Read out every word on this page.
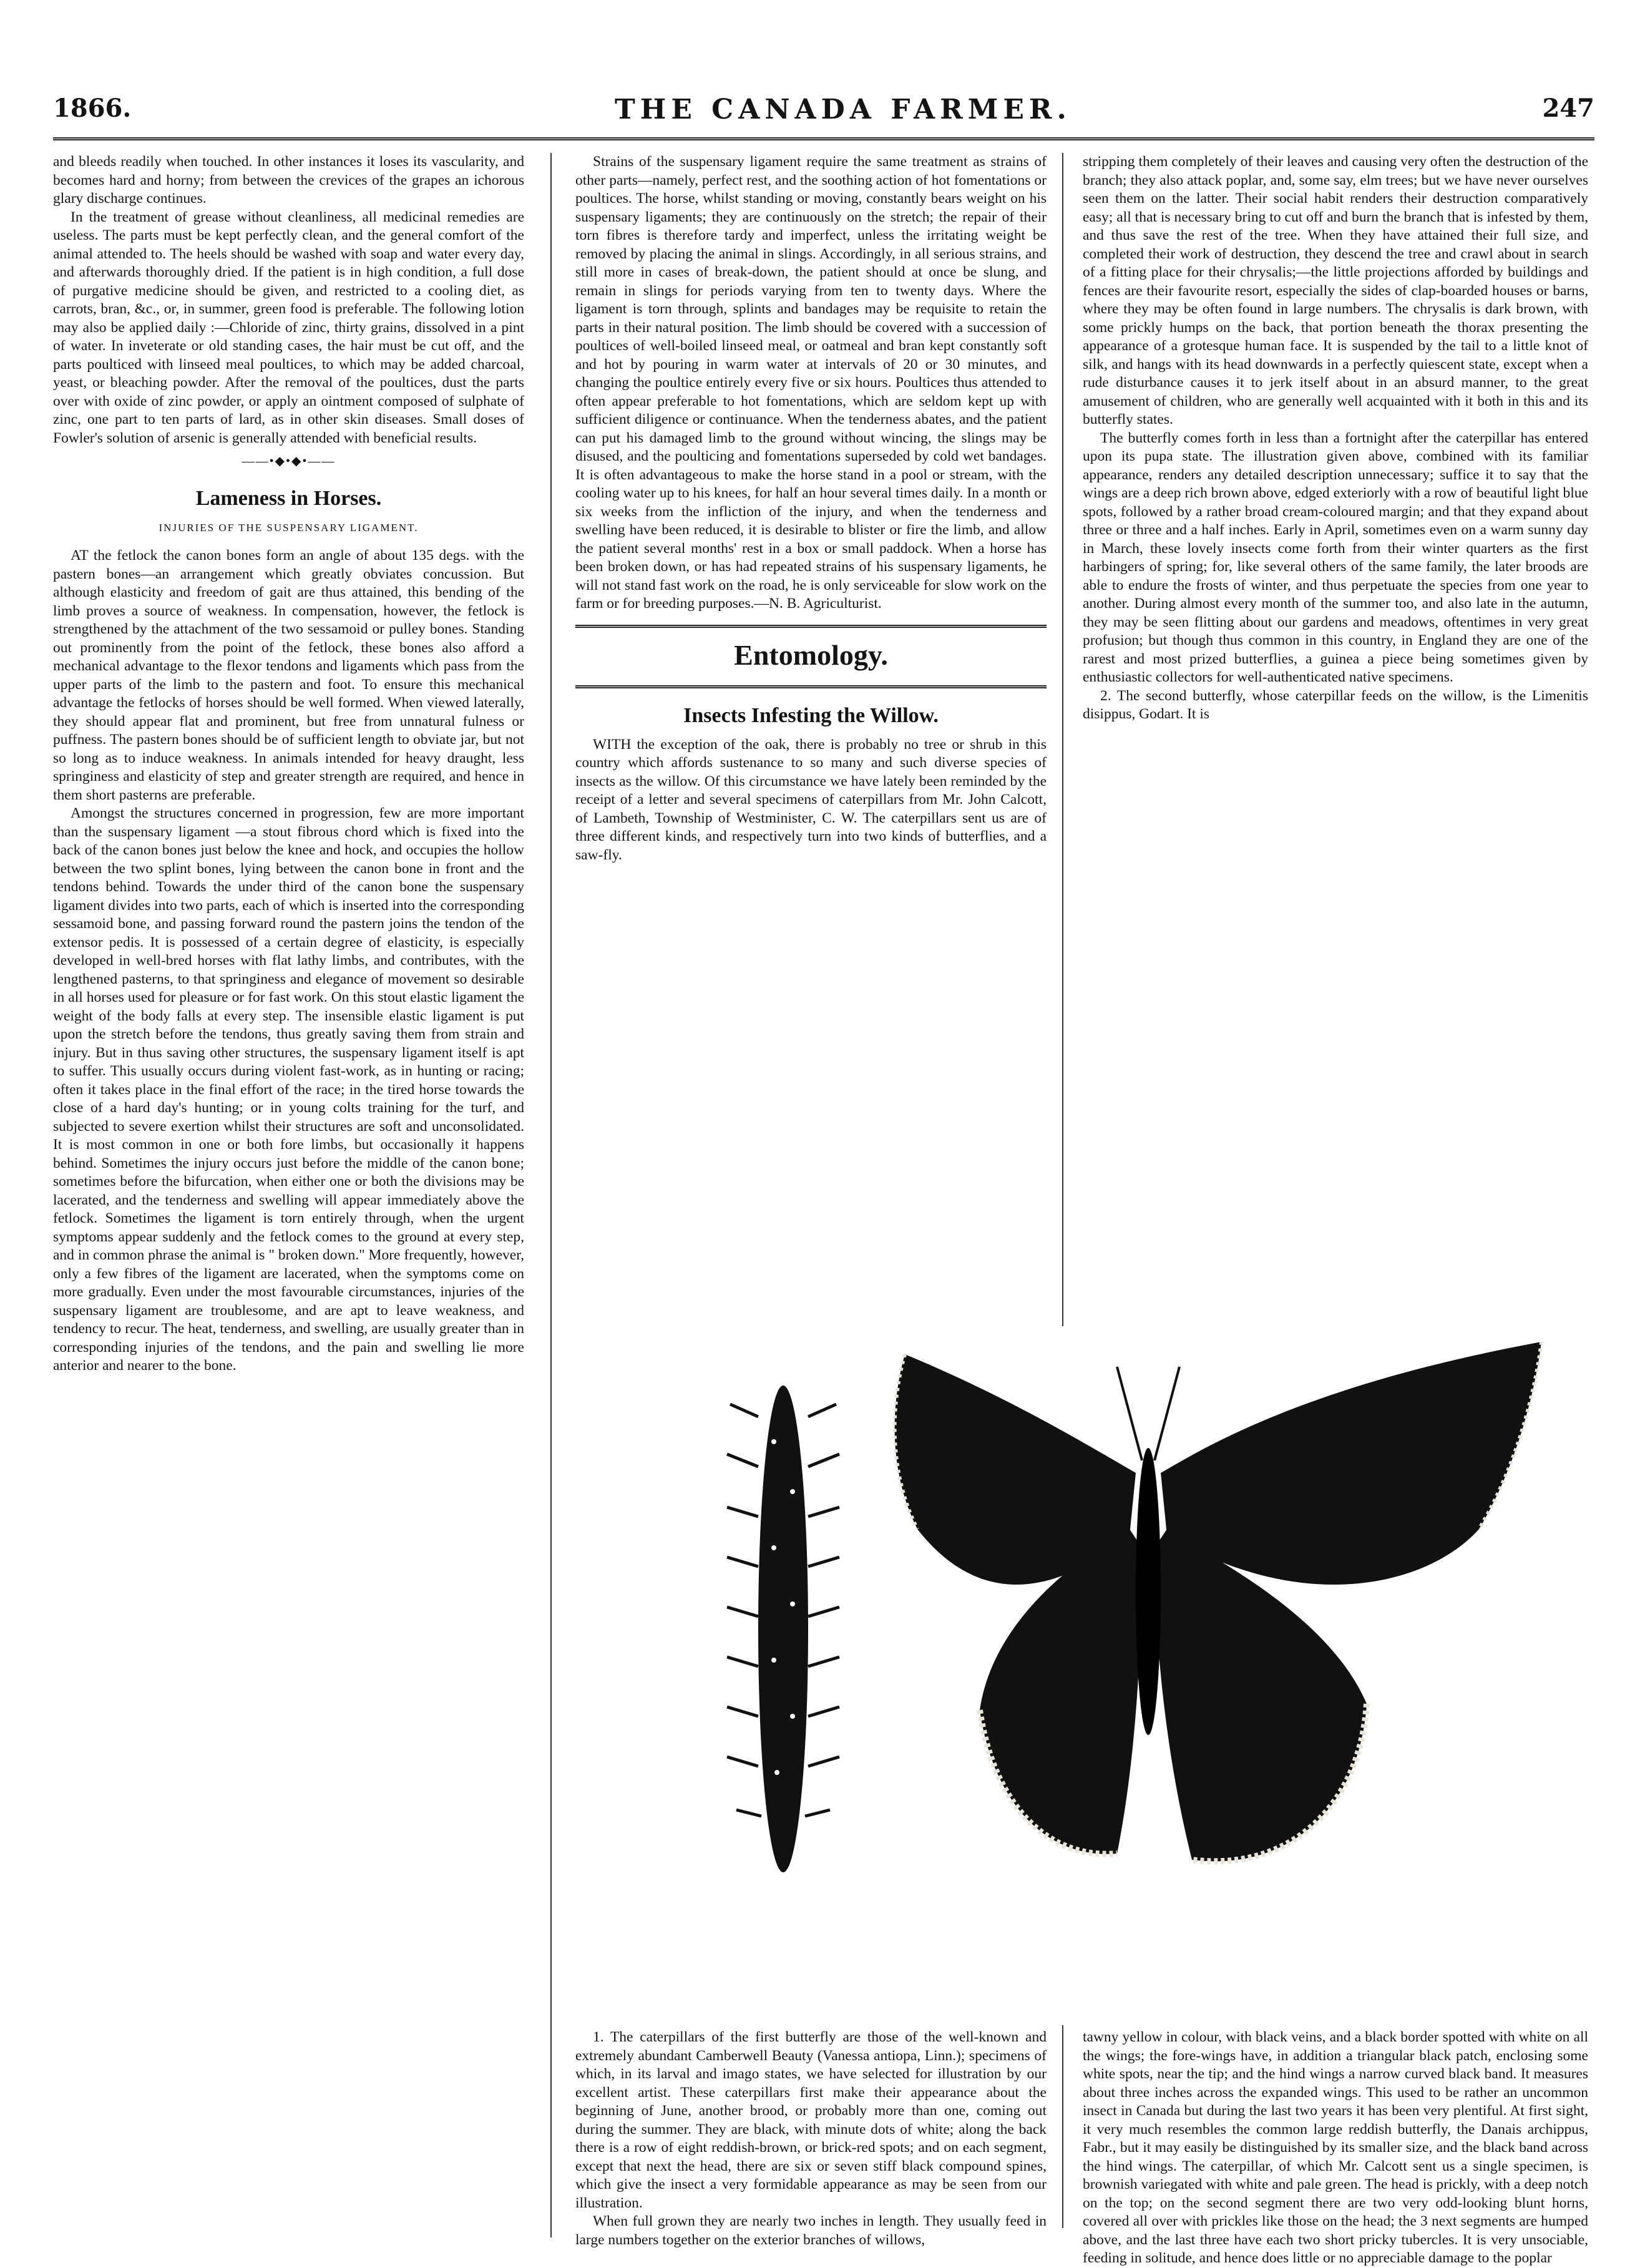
1866.	THE CANADA FARMER.	247

and bleeds readily when touched. In other instances it loses its vascularity, and becomes hard and horny; from between the crevices of the grapes an ichorous glary discharge continues.

In the treatment of grease without cleanliness, all medicinal remedies are useless. The parts must be kept perfectly clean, and the general comfort of the animal attended to. The heels should be washed with soap and water every day, and afterwards thoroughly dried. If the patient is in high condition, a full dose of purgative medicine should be given, and restricted to a cooling diet, as carrots, bran, &c., or, in summer, green food is preferable. The following lotion may also be applied daily :—Chloride of zinc, thirty grains, dissolved in a pint of water. In inveterate or old standing cases, the hair must be cut off, and the parts poulticed with linseed meal poultices, to which may be added charcoal, yeast, or bleaching powder. After the removal of the poultices, dust the parts over with oxide of zinc powder, or apply an ointment composed of sulphate of zinc, one part to ten parts of lard, as in other skin diseases. Small doses of Fowler's solution of arsenic is generally attended with beneficial results.

——•◆•◆•——
Lameness in Horses.
INJURIES OF THE SUSPENSARY LIGAMENT.

AT the fetlock the canon bones form an angle of about 135 degs. with the pastern bones—an arrangement which greatly obviates concussion. But although elasticity and freedom of gait are thus attained, this bending of the limb proves a source of weakness. In compensation, however, the fetlock is strengthened by the attachment of the two sessamoid or pulley bones. Standing out prominently from the point of the fetlock, these bones also afford a mechanical advantage to the flexor tendons and ligaments which pass from the upper parts of the limb to the pastern and foot. To ensure this mechanical advantage the fetlocks of horses should be well formed. When viewed laterally, they should appear flat and prominent, but free from unnatural fulness or puffness. The pastern bones should be of sufficient length to obviate jar, but not so long as to induce weakness. In animals intended for heavy draught, less springiness and elasticity of step and greater strength are required, and hence in them short pasterns are preferable.

Amongst the structures concerned in progression, few are more important than the suspensary ligament —a stout fibrous chord which is fixed into the back of the canon bones just below the knee and hock, and occupies the hollow between the two splint bones, lying between the canon bone in front and the tendons behind. Towards the under third of the canon bone the suspensary ligament divides into two parts, each of which is inserted into the corresponding sessamoid bone, and passing forward round the pastern joins the tendon of the extensor pedis. It is possessed of a certain degree of elasticity, is especially developed in well-bred horses with flat lathy limbs, and contributes, with the lengthened pasterns, to that springiness and elegance of movement so desirable in all horses used for pleasure or for fast work. On this stout elastic ligament the weight of the body falls at every step. The insensible elastic ligament is put upon the stretch before the tendons, thus greatly saving them from strain and injury. But in thus saving other structures, the suspensary ligament itself is apt to suffer. This usually occurs during violent fast-work, as in hunting or racing; often it takes place in the final effort of the race; in the tired horse towards the close of a hard day's hunting; or in young colts training for the turf, and subjected to severe exertion whilst their structures are soft and unconsolidated. It is most common in one or both fore limbs, but occasionally it happens behind. Sometimes the injury occurs just before the middle of the canon bone; sometimes before the bifurcation, when either one or both the divisions may be lacerated, and the tenderness and swelling will appear immediately above the fetlock. Sometimes the ligament is torn entirely through, when the urgent symptoms appear suddenly and the fetlock comes to the ground at every step, and in common phrase the animal is " broken down." More frequently, however, only a few fibres of the ligament are lacerated, when the symptoms come on more gradually. Even under the most favourable circumstances, injuries of the suspensary ligament are troublesome, and are apt to leave weakness, and tendency to recur. The heat, tenderness, and swelling, are usually greater than in corresponding injuries of the tendons, and the pain and swelling lie more anterior and nearer to the bone.

Strains of the suspensary ligament require the same treatment as strains of other parts—namely, perfect rest, and the soothing action of hot fomentations or poultices. The horse, whilst standing or moving, constantly bears weight on his suspensary ligaments; they are continuously on the stretch; the repair of their torn fibres is therefore tardy and imperfect, unless the irritating weight be removed by placing the animal in slings. Accordingly, in all serious strains, and still more in cases of break-down, the patient should at once be slung, and remain in slings for periods varying from ten to twenty days. Where the ligament is torn through, splints and bandages may be requisite to retain the parts in their natural position. The limb should be covered with a succession of poultices of well-boiled linseed meal, or oatmeal and bran kept constantly soft and hot by pouring in warm water at intervals of 20 or 30 minutes, and changing the poultice entirely every five or six hours. Poultices thus attended to often appear preferable to hot fomentations, which are seldom kept up with sufficient diligence or continuance. When the tenderness abates, and the patient can put his damaged limb to the ground without wincing, the slings may be disused, and the poulticing and fomentations superseded by cold wet bandages. It is often advantageous to make the horse stand in a pool or stream, with the cooling water up to his knees, for half an hour several times daily. In a month or six weeks from the infliction of the injury, and when the tenderness and swelling have been reduced, it is desirable to blister or fire the limb, and allow the patient several months' rest in a box or small paddock. When a horse has been broken down, or has had repeated strains of his suspensary ligaments, he will not stand fast work on the road, he is only serviceable for slow work on the farm or for breeding purposes.—N. B. Agriculturist.

Entomology.
Insects Infesting the Willow.

WITH the exception of the oak, there is probably no tree or shrub in this country which affords sustenance to so many and such diverse species of insects as the willow. Of this circumstance we have lately been reminded by the receipt of a letter and several specimens of caterpillars from Mr. John Calcott, of Lambeth, Township of Westminister, C. W. The caterpillars sent us are of three different kinds, and respectively turn into two kinds of butterflies, and a saw-fly.

stripping them completely of their leaves and causing very often the destruction of the branch; they also attack poplar, and, some say, elm trees; but we have never ourselves seen them on the latter. Their social habit renders their destruction comparatively easy; all that is necessary bring to cut off and burn the branch that is infested by them, and thus save the rest of the tree. When they have attained their full size, and completed their work of destruction, they descend the tree and crawl about in search of a fitting place for their chrysalis;—the little projections afforded by buildings and fences are their favourite resort, especially the sides of clap-boarded houses or barns, where they may be often found in large numbers. The chrysalis is dark brown, with some prickly humps on the back, that portion beneath the thorax presenting the appearance of a grotesque human face. It is suspended by the tail to a little knot of silk, and hangs with its head downwards in a perfectly quiescent state, except when a rude disturbance causes it to jerk itself about in an absurd manner, to the great amusement of children, who are generally well acquainted with it both in this and its butterfly states.

The butterfly comes forth in less than a fortnight after the caterpillar has entered upon its pupa state. The illustration given above, combined with its familiar appearance, renders any detailed description unnecessary; suffice it to say that the wings are a deep rich brown above, edged exteriorly with a row of beautiful light blue spots, followed by a rather broad cream-coloured margin; and that they expand about three or three and a half inches. Early in April, sometimes even on a warm sunny day in March, these lovely insects come forth from their winter quarters as the first harbingers of spring; for, like several others of the same family, the later broods are able to endure the frosts of winter, and thus perpetuate the species from one year to another. During almost every month of the summer too, and also late in the autumn, they may be seen flitting about our gardens and meadows, oftentimes in very great profusion; but though thus common in this country, in England they are one of the rarest and most prized butterflies, a guinea a piece being sometimes given by enthusiastic collectors for well-authenticated native specimens.

2. The second butterfly, whose caterpillar feeds on the willow, is the Limenitis disippus, Godart. It is

1. The caterpillars of the first butterfly are those of the well-known and extremely abundant Camberwell Beauty (Vanessa antiopa, Linn.); specimens of which, in its larval and imago states, we have selected for illustration by our excellent artist. These caterpillars first make their appearance about the beginning of June, another brood, or probably more than one, coming out during the summer. They are black, with minute dots of white; along the back there is a row of eight reddish-brown, or brick-red spots; and on each segment, except that next the head, there are six or seven stiff black compound spines, which give the insect a very formidable appearance as may be seen from our illustration.

When full grown they are nearly two inches in length. They usually feed in large numbers together on the exterior branches of willows,

tawny yellow in colour, with black veins, and a black border spotted with white on all the wings; the fore-wings have, in addition a triangular black patch, enclosing some white spots, near the tip; and the hind wings a narrow curved black band. It measures about three inches across the expanded wings. This used to be rather an uncommon insect in Canada but during the last two years it has been very plentiful. At first sight, it very much resembles the common large reddish butterfly, the Danais archippus, Fabr., but it may easily be distinguished by its smaller size, and the black band across the hind wings. The caterpillar, of which Mr. Calcott sent us a single specimen, is brownish variegated with white and pale green. The head is prickly, with a deep notch on the top; on the second segment there are two very odd-looking blunt horns, covered all over with prickles like those on the head; the 3 next segments are humped above, and the last three have each two short pricky tubercles. It is very unsociable, feeding in solitude, and hence does little or no appreciable damage to the poplar
